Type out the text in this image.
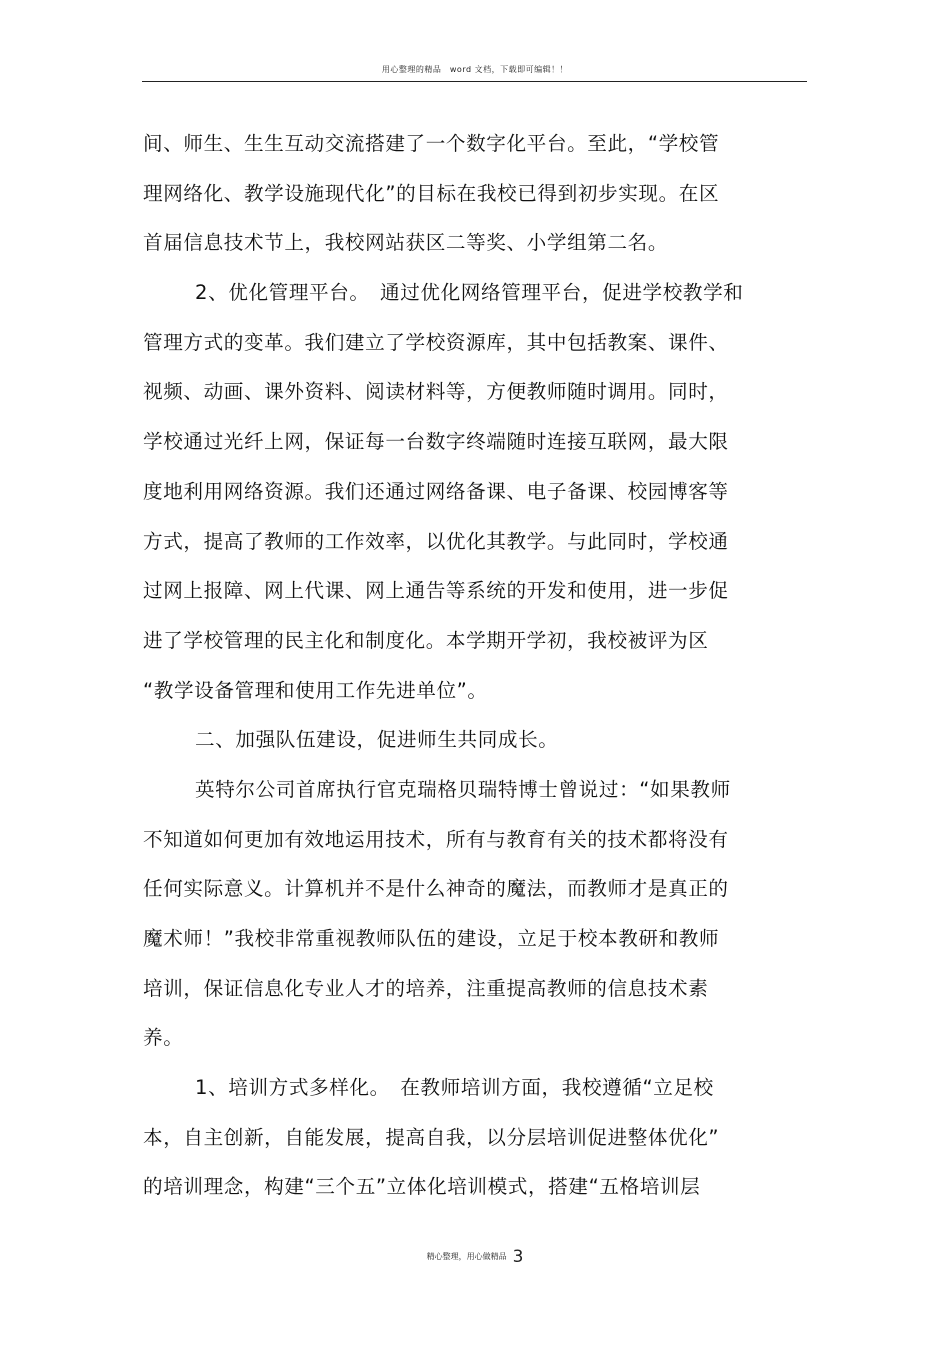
用心整理的精品　word 文档，下载即可编辑！！
间、师生、生生互动交流搭建了一个数字化平台。至此，“学校管
理网络化、教学设施现代化”的目标在我校已得到初步实现。在区
首届信息技术节上，我校网站获区二等奖、小学组第二名。
2、优化管理平台。　通过优化网络管理平台，促进学校教学和
管理方式的变革。我们建立了学校资源库，其中包括教案、课件、
视频、动画、课外资料、阅读材料等，方便教师随时调用。同时，
学校通过光纤上网，保证每一台数字终端随时连接互联网，最大限
度地利用网络资源。我们还通过网络备课、电子备课、校园博客等
方式，提高了教师的工作效率，以优化其教学。与此同时，学校通
过网上报障、网上代课、网上通告等系统的开发和使用，进一步促
进了学校管理的民主化和制度化。本学期开学初，我校被评为区
“教学设备管理和使用工作先进单位”。
二、加强队伍建设，促进师生共同成长。
英特尔公司首席执行官克瑞格贝瑞特博士曾说过：“如果教师
不知道如何更加有效地运用技术，所有与教育有关的技术都将没有
任何实际意义。计算机并不是什么神奇的魔法，而教师才是真正的
魔术师！”我校非常重视教师队伍的建设，立足于校本教研和教师
培训，保证信息化专业人才的培养，注重提高教师的信息技术素
养。
1、培训方式多样化。　在教师培训方面，我校遵循“立足校
本，自主创新，自能发展，提高自我，以分层培训促进整体优化”
的培训理念，构建“三个五”立体化培训模式，搭建“五格培训层
精心整理，用心做精品 3
